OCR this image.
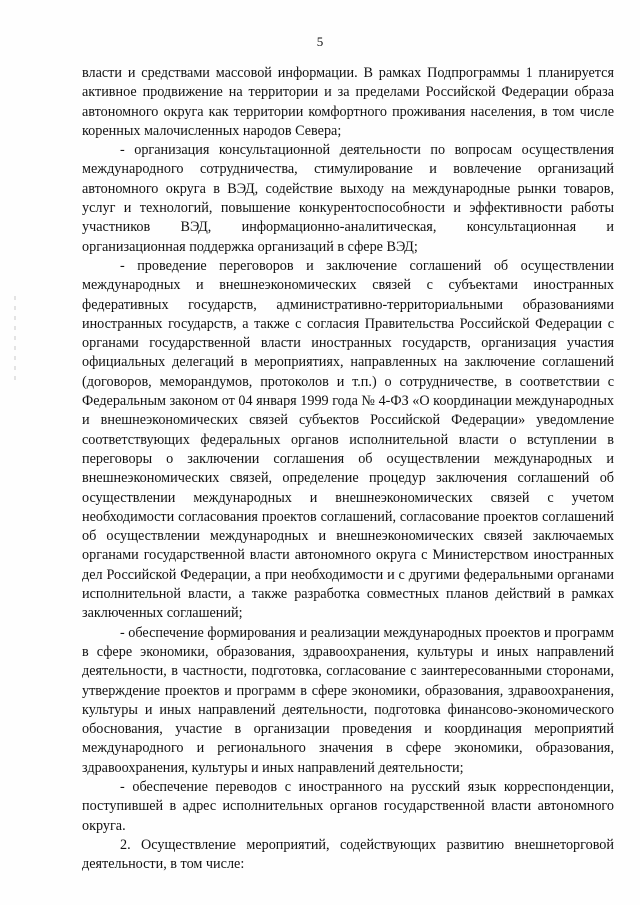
5

власти и средствами массовой информации. В рамках Подпрограммы 1 планируется активное продвижение на территории и за пределами Российской Федерации образа автономного округа как территории комфортного проживания населения, в том числе коренных малочисленных народов Севера;

- организация консультационной деятельности по вопросам осуществления международного сотрудничества, стимулирование и вовлечение организаций автономного округа в ВЭД, содействие выходу на международные рынки товаров, услуг и технологий, повышение конкурентоспособности и эффективности работы участников ВЭД, информационно-аналитическая, консультационная и организационная поддержка организаций в сфере ВЭД;

- проведение переговоров и заключение соглашений об осуществлении международных и внешнеэкономических связей с субъектами иностранных федеративных государств, административно-территориальными образованиями иностранных государств, а также с согласия Правительства Российской Федерации с органами государственной власти иностранных государств, организация участия официальных делегаций в мероприятиях, направленных на заключение соглашений (договоров, меморандумов, протоколов и т.п.) о сотрудничестве, в соответствии с Федеральным законом от 04 января 1999 года № 4-ФЗ «О координации международных и внешнеэкономических связей субъектов Российской Федерации» уведомление соответствующих федеральных органов исполнительной власти о вступлении в переговоры о заключении соглашения об осуществлении международных и внешнеэкономических связей, определение процедур заключения соглашений об осуществлении международных и внешнеэкономических связей с учетом необходимости согласования проектов соглашений, согласование проектов соглашений об осуществлении международных и внешнеэкономических связей заключаемых органами государственной власти автономного округа с Министерством иностранных дел Российской Федерации, а при необходимости и с другими федеральными органами исполнительной власти, а также разработка совместных планов действий в рамках заключенных соглашений;

- обеспечение формирования и реализации международных проектов и программ в сфере экономики, образования, здравоохранения, культуры и иных направлений деятельности, в частности, подготовка, согласование с заинтересованными сторонами, утверждение проектов и программ в сфере экономики, образования, здравоохранения, культуры и иных направлений деятельности, подготовка финансово-экономического обоснования, участие в организации проведения и координация мероприятий международного и регионального значения в сфере экономики, образования, здравоохранения, культуры и иных направлений деятельности;

- обеспечение переводов с иностранного на русский язык корреспонденции, поступившей в адрес исполнительных органов государственной власти автономного округа.

2. Осуществление мероприятий, содействующих развитию внешнеторговой деятельности, в том числе:
